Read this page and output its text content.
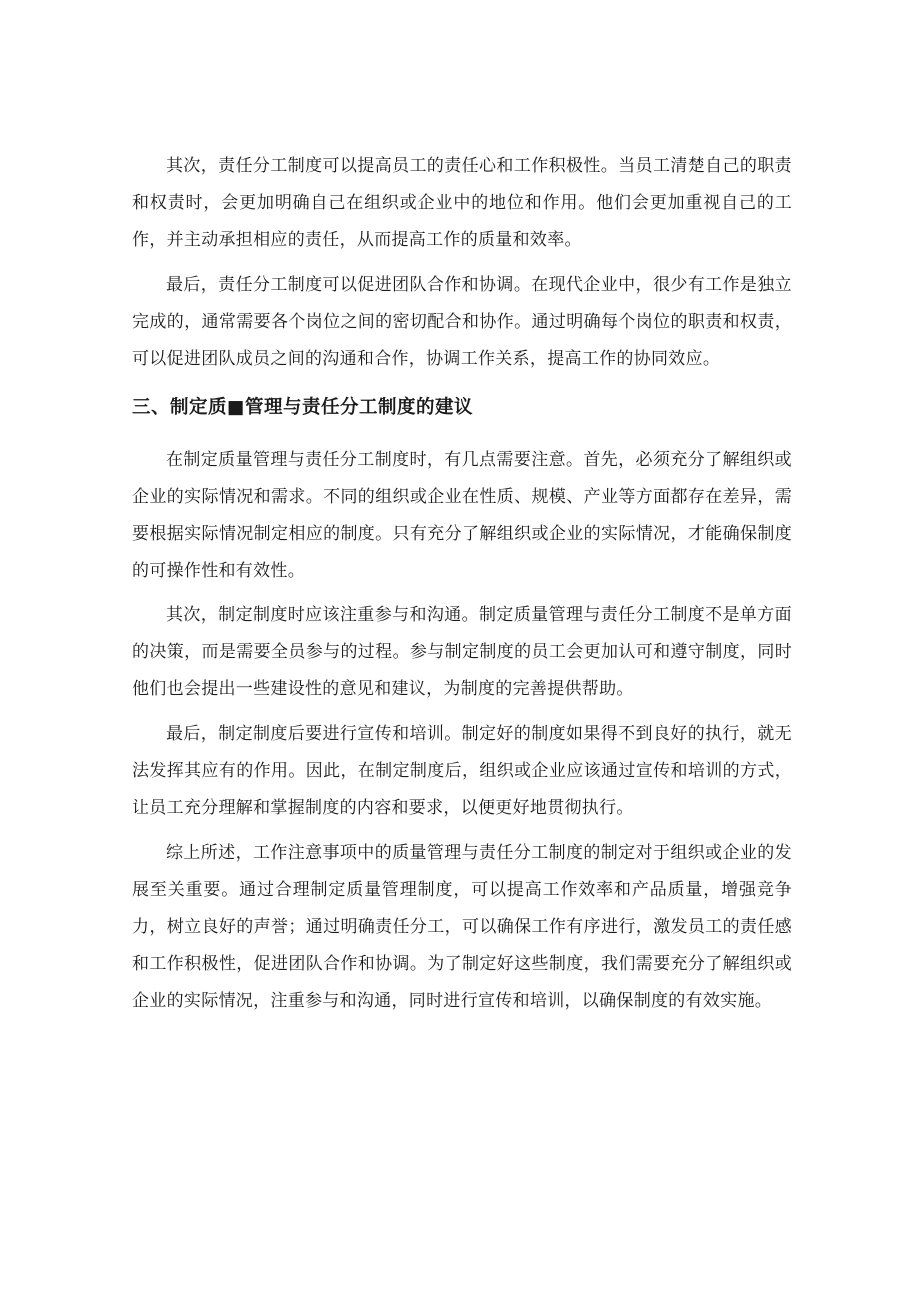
其次，责任分工制度可以提高员工的责任心和工作积极性。当员工清楚自己的职责和权责时，会更加明确自己在组织或企业中的地位和作用。他们会更加重视自己的工作，并主动承担相应的责任，从而提高工作的质量和效率。

最后，责任分工制度可以促进团队合作和协调。在现代企业中，很少有工作是独立完成的，通常需要各个岗位之间的密切配合和协作。通过明确每个岗位的职责和权责，可以促进团队成员之间的沟通和合作，协调工作关系，提高工作的协同效应。

三、制定质■管理与责任分工制度的建议

在制定质量管理与责任分工制度时，有几点需要注意。首先，必须充分了解组织或企业的实际情况和需求。不同的组织或企业在性质、规模、产业等方面都存在差异，需要根据实际情况制定相应的制度。只有充分了解组织或企业的实际情况，才能确保制度的可操作性和有效性。

其次，制定制度时应该注重参与和沟通。制定质量管理与责任分工制度不是单方面的决策，而是需要全员参与的过程。参与制定制度的员工会更加认可和遵守制度，同时他们也会提出一些建设性的意见和建议，为制度的完善提供帮助。

最后，制定制度后要进行宣传和培训。制定好的制度如果得不到良好的执行，就无法发挥其应有的作用。因此，在制定制度后，组织或企业应该通过宣传和培训的方式，让员工充分理解和掌握制度的内容和要求，以便更好地贯彻执行。

综上所述，工作注意事项中的质量管理与责任分工制度的制定对于组织或企业的发展至关重要。通过合理制定质量管理制度，可以提高工作效率和产品质量，增强竞争力，树立良好的声誉；通过明确责任分工，可以确保工作有序进行，激发员工的责任感和工作积极性，促进团队合作和协调。为了制定好这些制度，我们需要充分了解组织或企业的实际情况，注重参与和沟通，同时进行宣传和培训，以确保制度的有效实施。
